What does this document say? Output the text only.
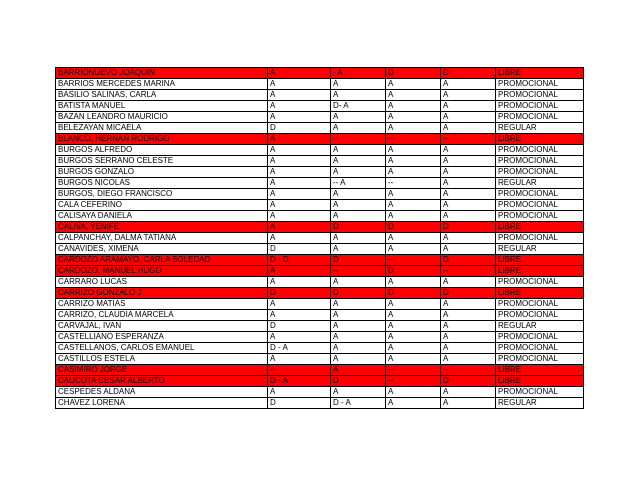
BARRIONUEVO JOAQUIN	A	- A	D	D	LIBRE
BARRIOS MERCEDES MARINA	A	A	A	A	PROMOCIONAL
BASILIO SALINAS, CARLA	A	A	A	A	PROMOCIONAL
BATISTA MANUEL	A	D- A	A	A	PROMOCIONAL
BAZAN LEANDRO MAURICIO	A	A	A	A	PROMOCIONAL
BELEZAYAN MICAELA	D	A	A	A	REGULAR
BLANCO, HERNAN RODRIGO	A	--	--	--	LIBRE
BURGOS ALFREDO	A	A	A	A	PROMOCIONAL
BURGOS SERRANO CELESTE	A	A	A	A	PROMOCIONAL
BURGOS GONZALO	A	A	A	A	PROMOCIONAL
BURGOS NICOLAS	A	-- A	--	A	REGULAR
BURGOS, DIEGO FRANCISCO	A	A	A	A	PROMOCIONAL
CALA CEFERINO	A	A	A	A	PROMOCIONAL
CALISAYA DANIELA	A	A	A	A	PROMOCIONAL
CALIVA, YENIFE	A	D	D	D	LIBRE
CALPANCHAY, DALMA TATIANA	A	A	A	A	PROMOCIONAL
CANAVIDES, XIMENA	D	A	A	A	REGULAR
CARDOZO ARAMAYO, CARLA SOLEDAD	D - D	D	--	D	LIBRE
CARDOZO, MANUEL HUGO	A	--	D	--	LIBRE
CARRARO LUCAS	A	A	A	A	PROMOCIONAL
CARRIZO GONZALO J	D	D	D	D	LIBRE
CARRIZO MATIAS	A	A	A	A	PROMOCIONAL
CARRIZO, CLAUDIA MARCELA	A	A	A	A	PROMOCIONAL
CARVAJAL, IVAN	D	A	A	A	REGULAR
CASTELLIANO ESPERANZA	A	A	A	A	PROMOCIONAL
CASTELLANOS, CARLOS EMANUEL	D - A	A	A	A	PROMOCIONAL
CASTILLOS ESTELA	A	A	A	A	PROMOCIONAL
CASIMIRO JORGE	--	A	--	--	LIBRE
CAUCOTA CESAR ALBERTO	D - A	D	--	D	LIBRE
CESPEDES ALDANA	A	A	A	A	PROMOCIONAL
CHAVEZ LORENA	D	D - A	A	A	REGULAR
